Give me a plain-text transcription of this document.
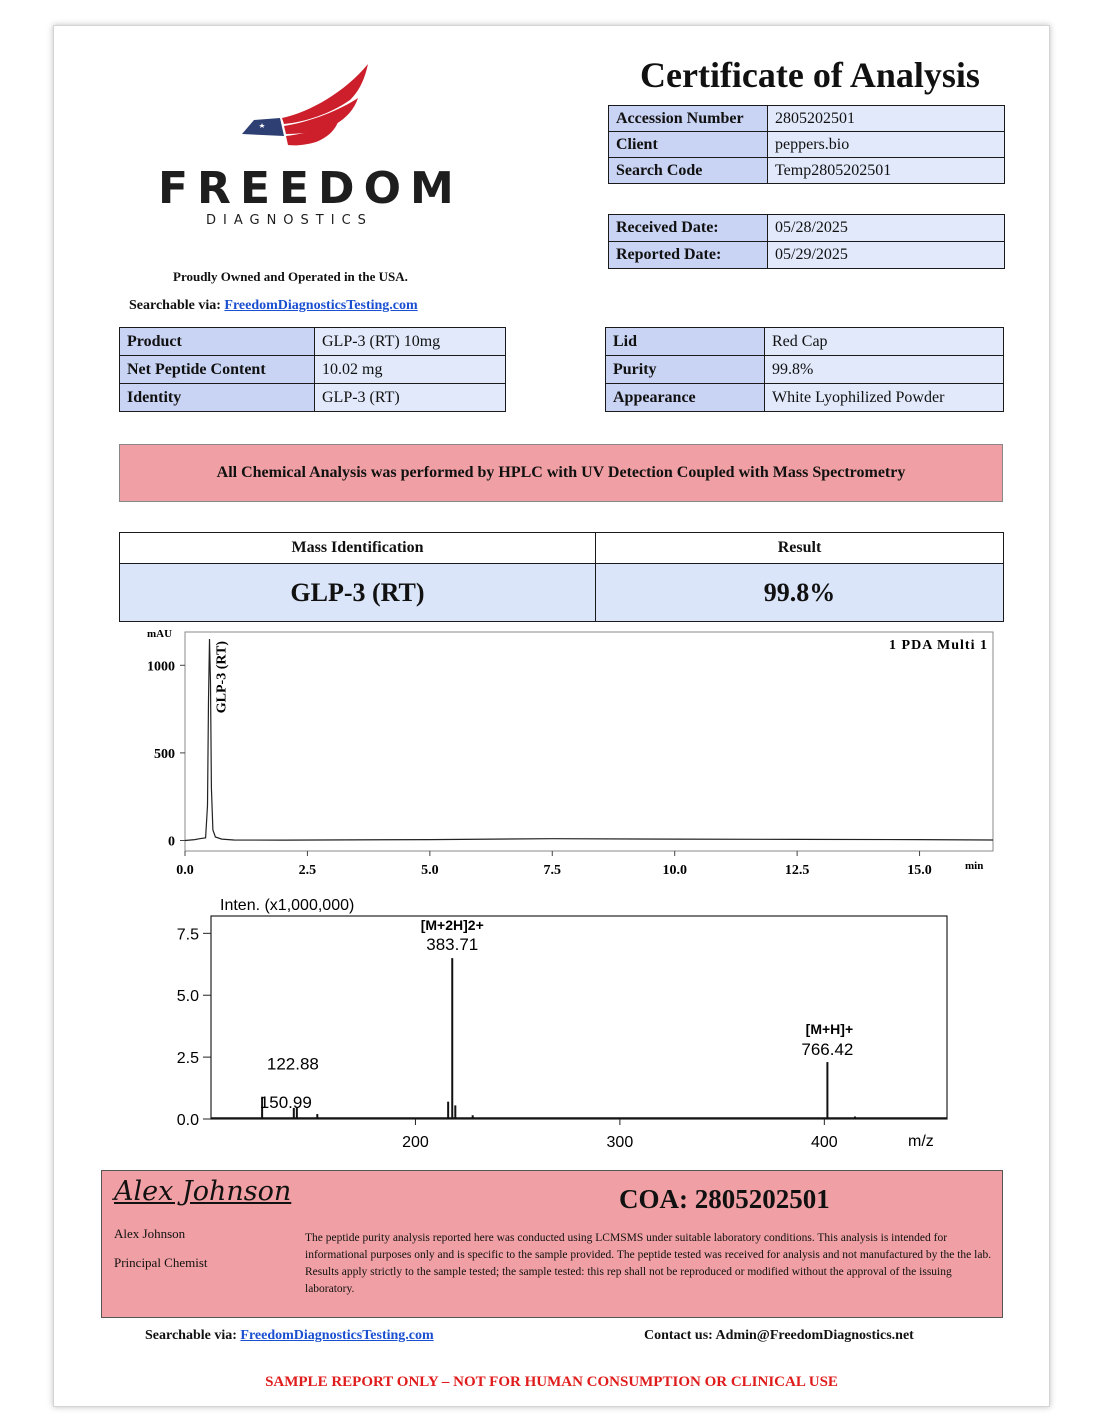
FREEDOM
DIAGNOSTICS
Proudly Owned and Operated in the USA.
Searchable via: FreedomDiagnosticsTesting.com
Certificate of Analysis
Accession Number	2805202501
Client	peppers.bio
Search Code	Temp2805202501
Received Date:	05/28/2025
Reported Date:	05/29/2025
Product	GLP-3 (RT) 10mg
Net Peptide Content	10.02 mg
Identity	GLP-3 (RT)
Lid	Red Cap
Purity	99.8%
Appearance	White Lyophilized Powder
All Chemical Analysis was performed by HPLC with UV Detection Coupled with Mass Spectrometry
Mass Identification	Result
GLP-3 (RT)	99.8%
mAU
1 PDA Multi 1
min
0.0	2.5	5.0	7.5	10.0	12.5	15.0
0
500
1000	GLP-3 (RT)
Inten. (x1,000,000)
m/z
200	300	400
0.0
2.5
5.0
7.5
[M+2H]2+
383.71
[M+H]+
766.42
150.99
122.88
Alex Johnson
Alex Johnson
Principal Chemist
COA: 2805202501
The peptide purity analysis reported here was conducted using LCMSMS under suitable laboratory conditions. This analysis is intended for informational purposes only and is specific to the sample provided. The peptide tested was received for analysis and not manufactured by the the lab. Results apply strictly to the sample tested; the sample tested: this rep shall not be reproduced or modified without the approval of the issuing laboratory.
Searchable via: FreedomDiagnosticsTesting.com	Contact us: Admin@FreedomDiagnostics.net
SAMPLE REPORT ONLY – NOT FOR HUMAN CONSUMPTION OR CLINICAL USE
